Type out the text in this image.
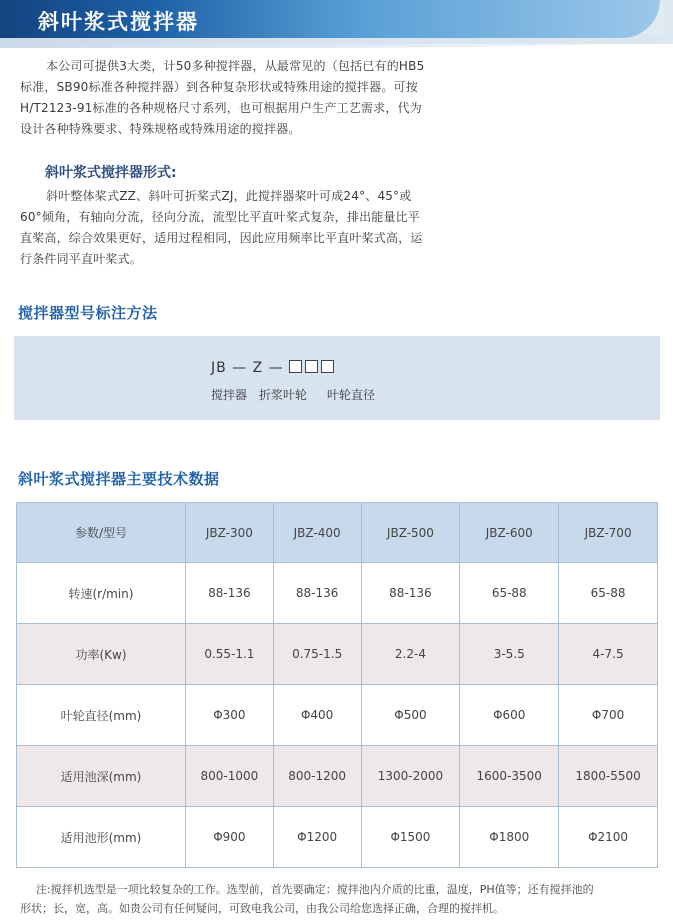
斜叶浆式搅拌器
本公司可提供3大类，计50多种搅拌器，从最常见的（包括已有的HB5
标准，SB90标准各种搅拌器）到各种复杂形状或特殊用途的搅拌器。可按
H/T2123-91标准的各种规格尺寸系列，也可根据用户生产工艺需求，代为
设计各种特殊要求、特殊规格或特殊用途的搅拌器。
斜叶浆式搅拌器形式:
斜叶整体桨式ZZ、斜叶可折桨式ZJ，此搅拌器桨叶可成24°、45°或
60°倾角，有轴向分流，径向分流，流型比平直叶桨式复杂，排出能量比平
直桨高，综合效果更好，适用过程相同，因此应用频率比平直叶桨式高，运
行条件同平直叶桨式。
搅拌器型号标注方法
JB — Z —
搅拌器 折浆叶轮 叶轮直径
斜叶浆式搅拌器主要技术数据
参数/型号	JBZ-300	JBZ-400	JBZ-500	JBZ-600	JBZ-700
转速(r/min)	88-136	88-136	88-136	65-88	65-88
功率(Kw)	0.55-1.1	0.75-1.5	2.2-4	3-5.5	4-7.5
叶轮直径(mm)	Φ300	Φ400	Φ500	Φ600	Φ700
适用池深(mm)	800-1000	800-1200	1300-2000	1600-3500	1800-5500
适用池形(mm)	Φ900	Φ1200	Φ1500	Φ1800	Φ2100
注:搅拌机选型是一项比较复杂的工作。选型前，首先要确定：搅拌池内介质的比重，温度，PH值等；还有搅拌池的
形状；长，宽，高。如贵公司有任何疑问，可致电我公司，由我公司给您选择正确，合理的搅拌机。
